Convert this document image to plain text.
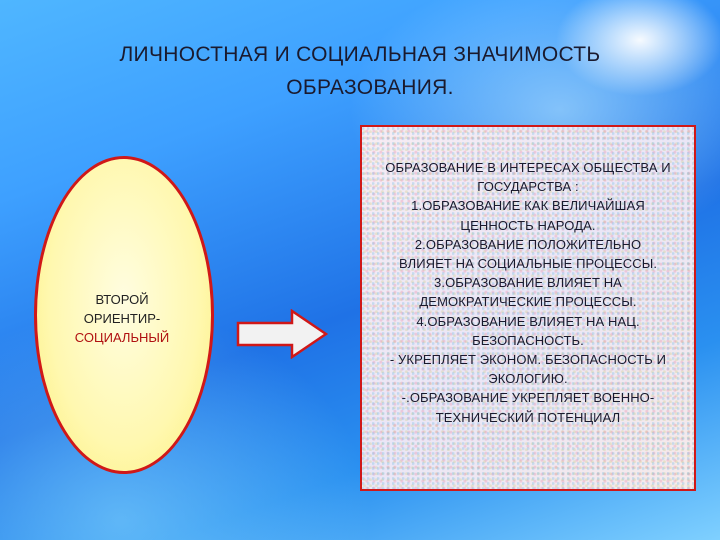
ЛИЧНОСТНАЯ И СОЦИАЛЬНАЯ ЗНАЧИМОСТЬ
ОБРАЗОВАНИЯ.
ВТОРОЙ
ОРИЕНТИР-
СОЦИАЛЬНЫЙ
ОБРАЗОВАНИЕ В ИНТЕРЕСАХ ОБЩЕСТВА И
ГОСУДАРСТВА :
1.ОБРАЗОВАНИЕ КАК ВЕЛИЧАЙШАЯ
ЦЕННОСТЬ НАРОДА.
2.ОБРАЗОВАНИЕ ПОЛОЖИТЕЛЬНО
ВЛИЯЕТ НА СОЦИАЛЬНЫЕ ПРОЦЕССЫ.
3.ОБРАЗОВАНИЕ ВЛИЯЕТ НА
ДЕМОКРАТИЧЕСКИЕ ПРОЦЕССЫ.
4.ОБРАЗОВАНИЕ ВЛИЯЕТ НА НАЦ.
БЕЗОПАСНОСТЬ.
- УКРЕПЛЯЕТ ЭКОНОМ. БЕЗОПАСНОСТЬ И
ЭКОЛОГИЮ.
-.ОБРАЗОВАНИЕ УКРЕПЛЯЕТ ВОЕННО-
ТЕХНИЧЕСКИЙ ПОТЕНЦИАЛ
